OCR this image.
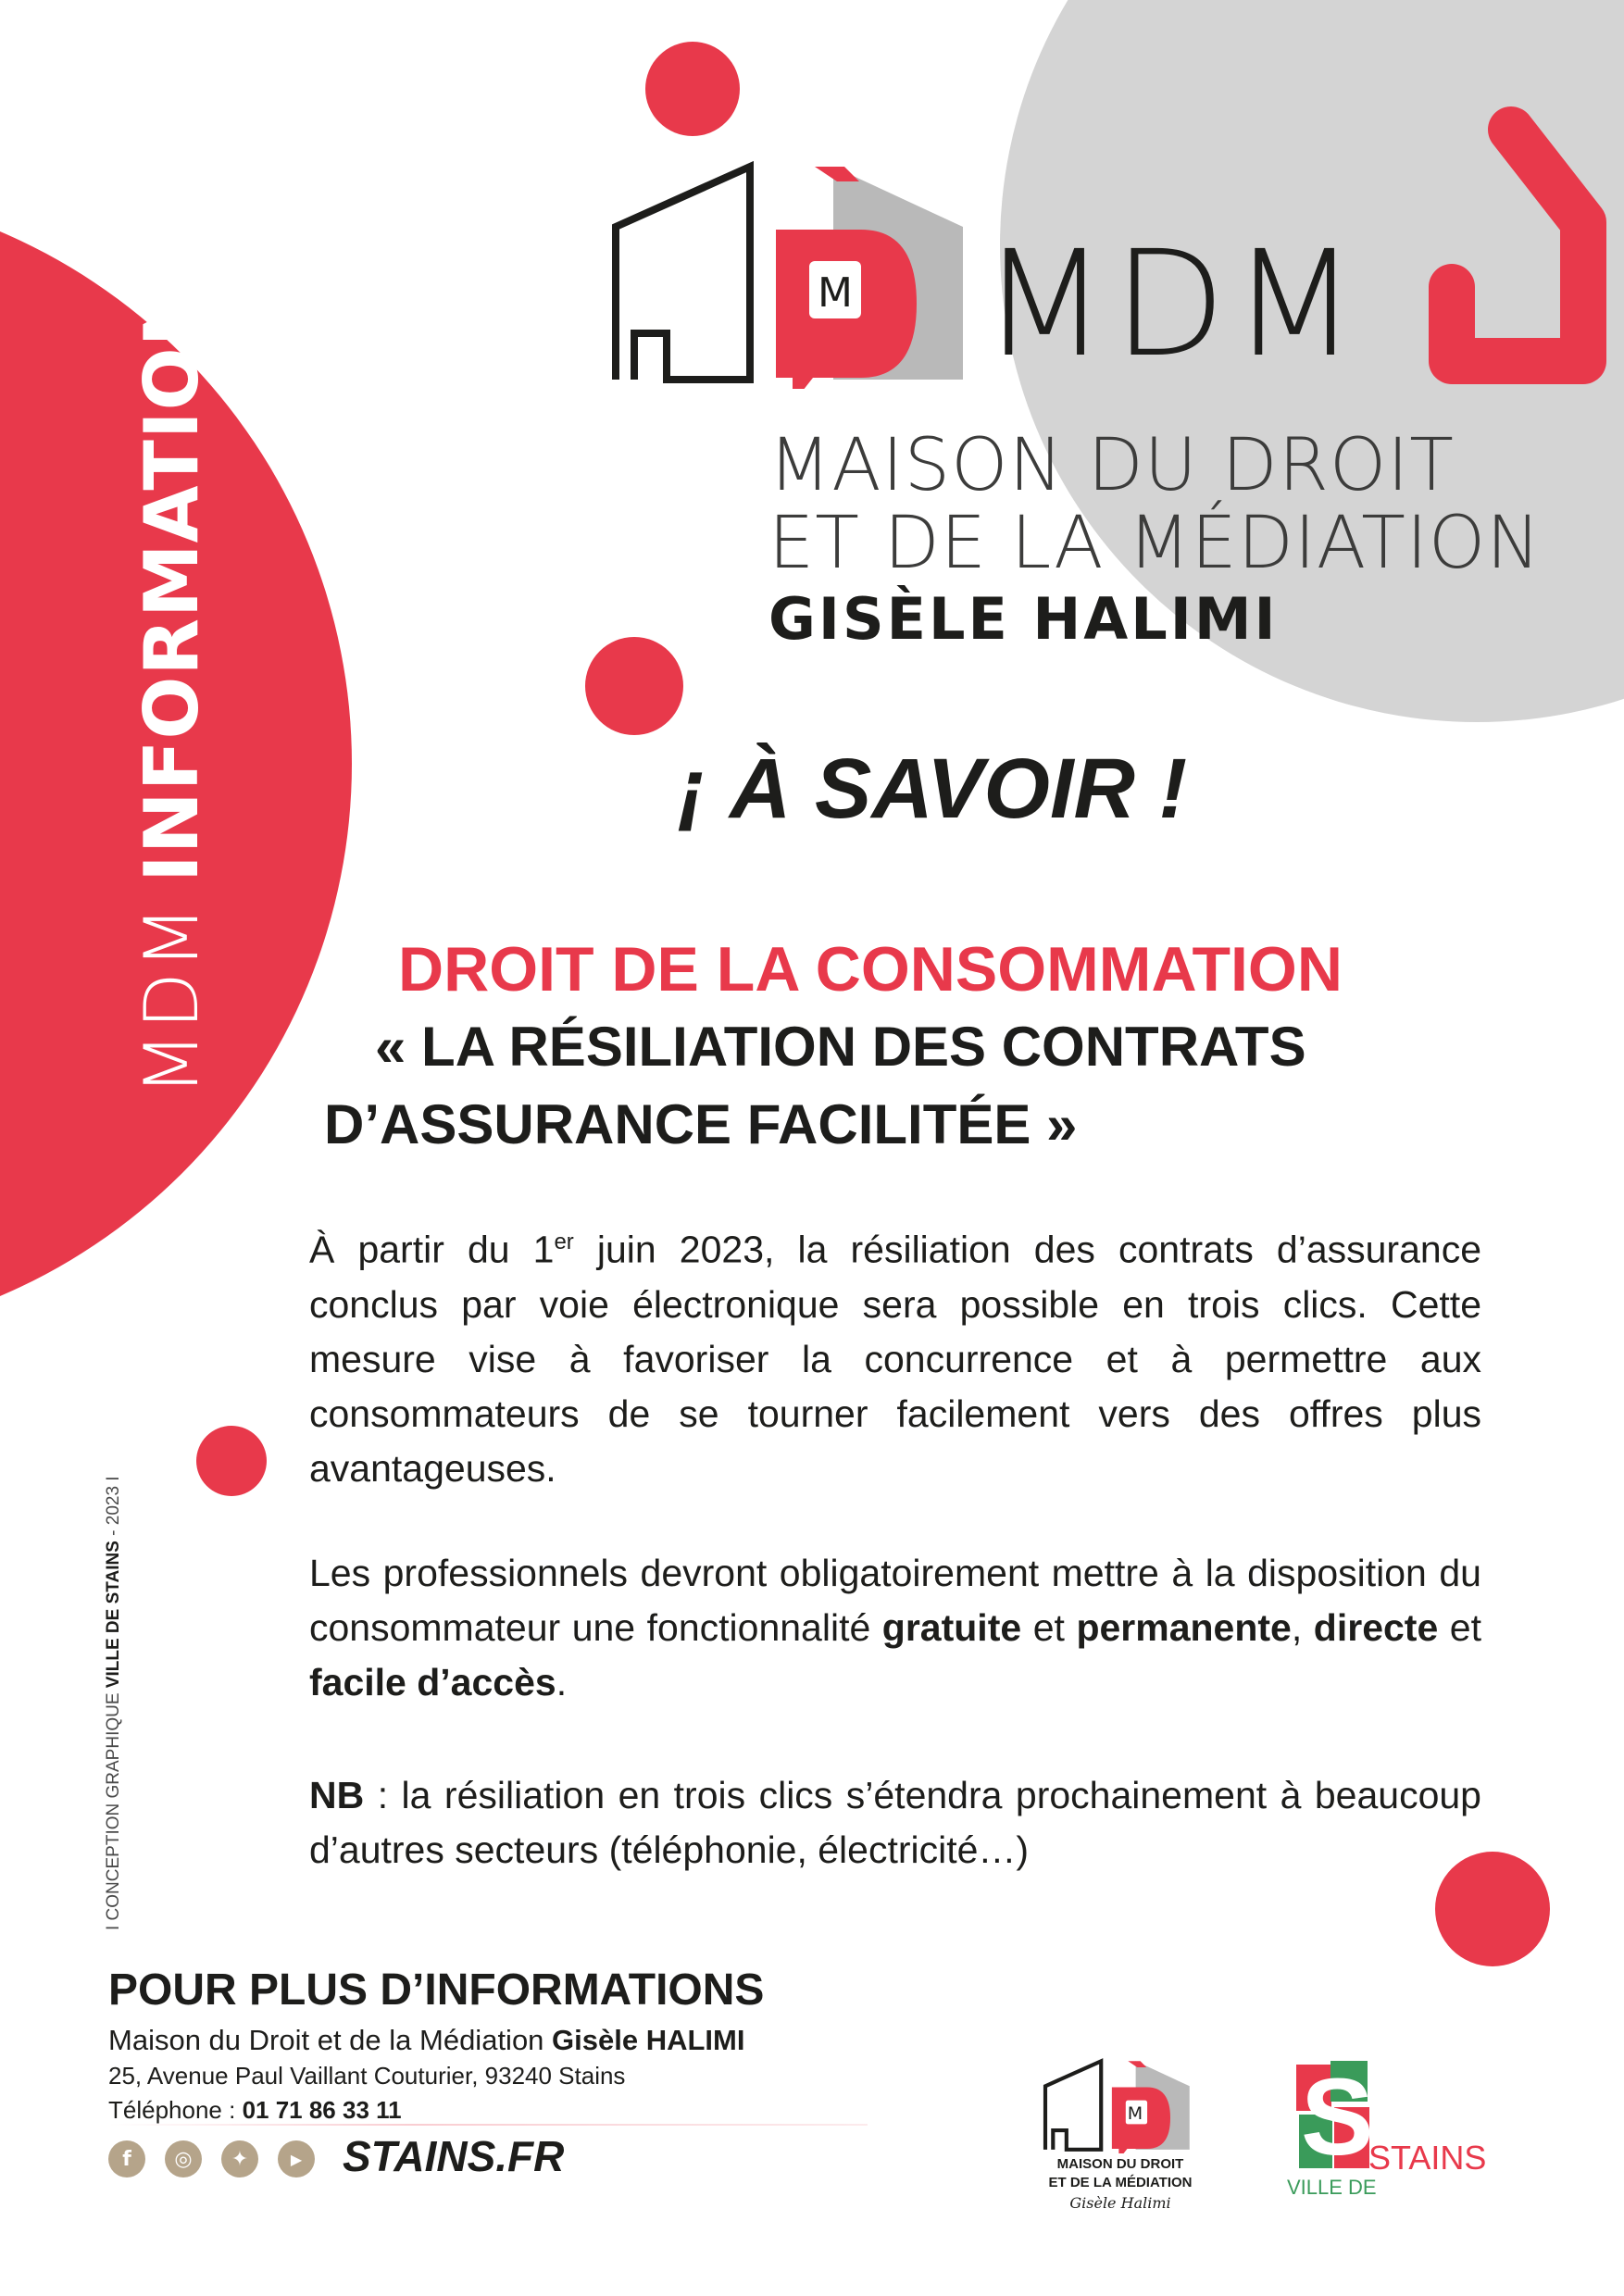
MDM
INFORMATION
I CONCEPTION GRAPHIQUE VILLE DE STAINS - 2023 I
M MDM
MAISON DU DROIT
ET DE LA MÉDIATION
GISÈLE HALIMI
¡ À SAVOIR !
DROIT DE LA CONSOMMATION
« LA RÉSILIATION DES CONTRATS
D’ASSURANCE FACILITÉE »
À partir du 1er juin 2023, la résiliation des contrats d’assurance conclus par voie électronique sera possible en trois clics. Cette mesure vise à favoriser la concurrence et à permettre aux consommateurs de se tourner facilement vers des offres plus avantageuses.
Les professionnels devront obligatoirement mettre à la disposition du consommateur une fonctionnalité gratuite et permanente, directe et facile d’accès.
NB : la résiliation en trois clics s’étendra prochainement à beaucoup d’autres secteurs (téléphonie, électricité…)
POUR PLUS D’INFORMATIONS
Maison du Droit et de la Médiation Gisèle HALIMI
25, Avenue Paul Vaillant Couturier, 93240 Stains
Téléphone : 01 71 86 33 11
f	◎	✦	▶ STAINS.FR
M
MAISON DU DROIT
ET DE LA MÉDIATION
Gisèle Halimi
S
VILLE DE
STAINS
